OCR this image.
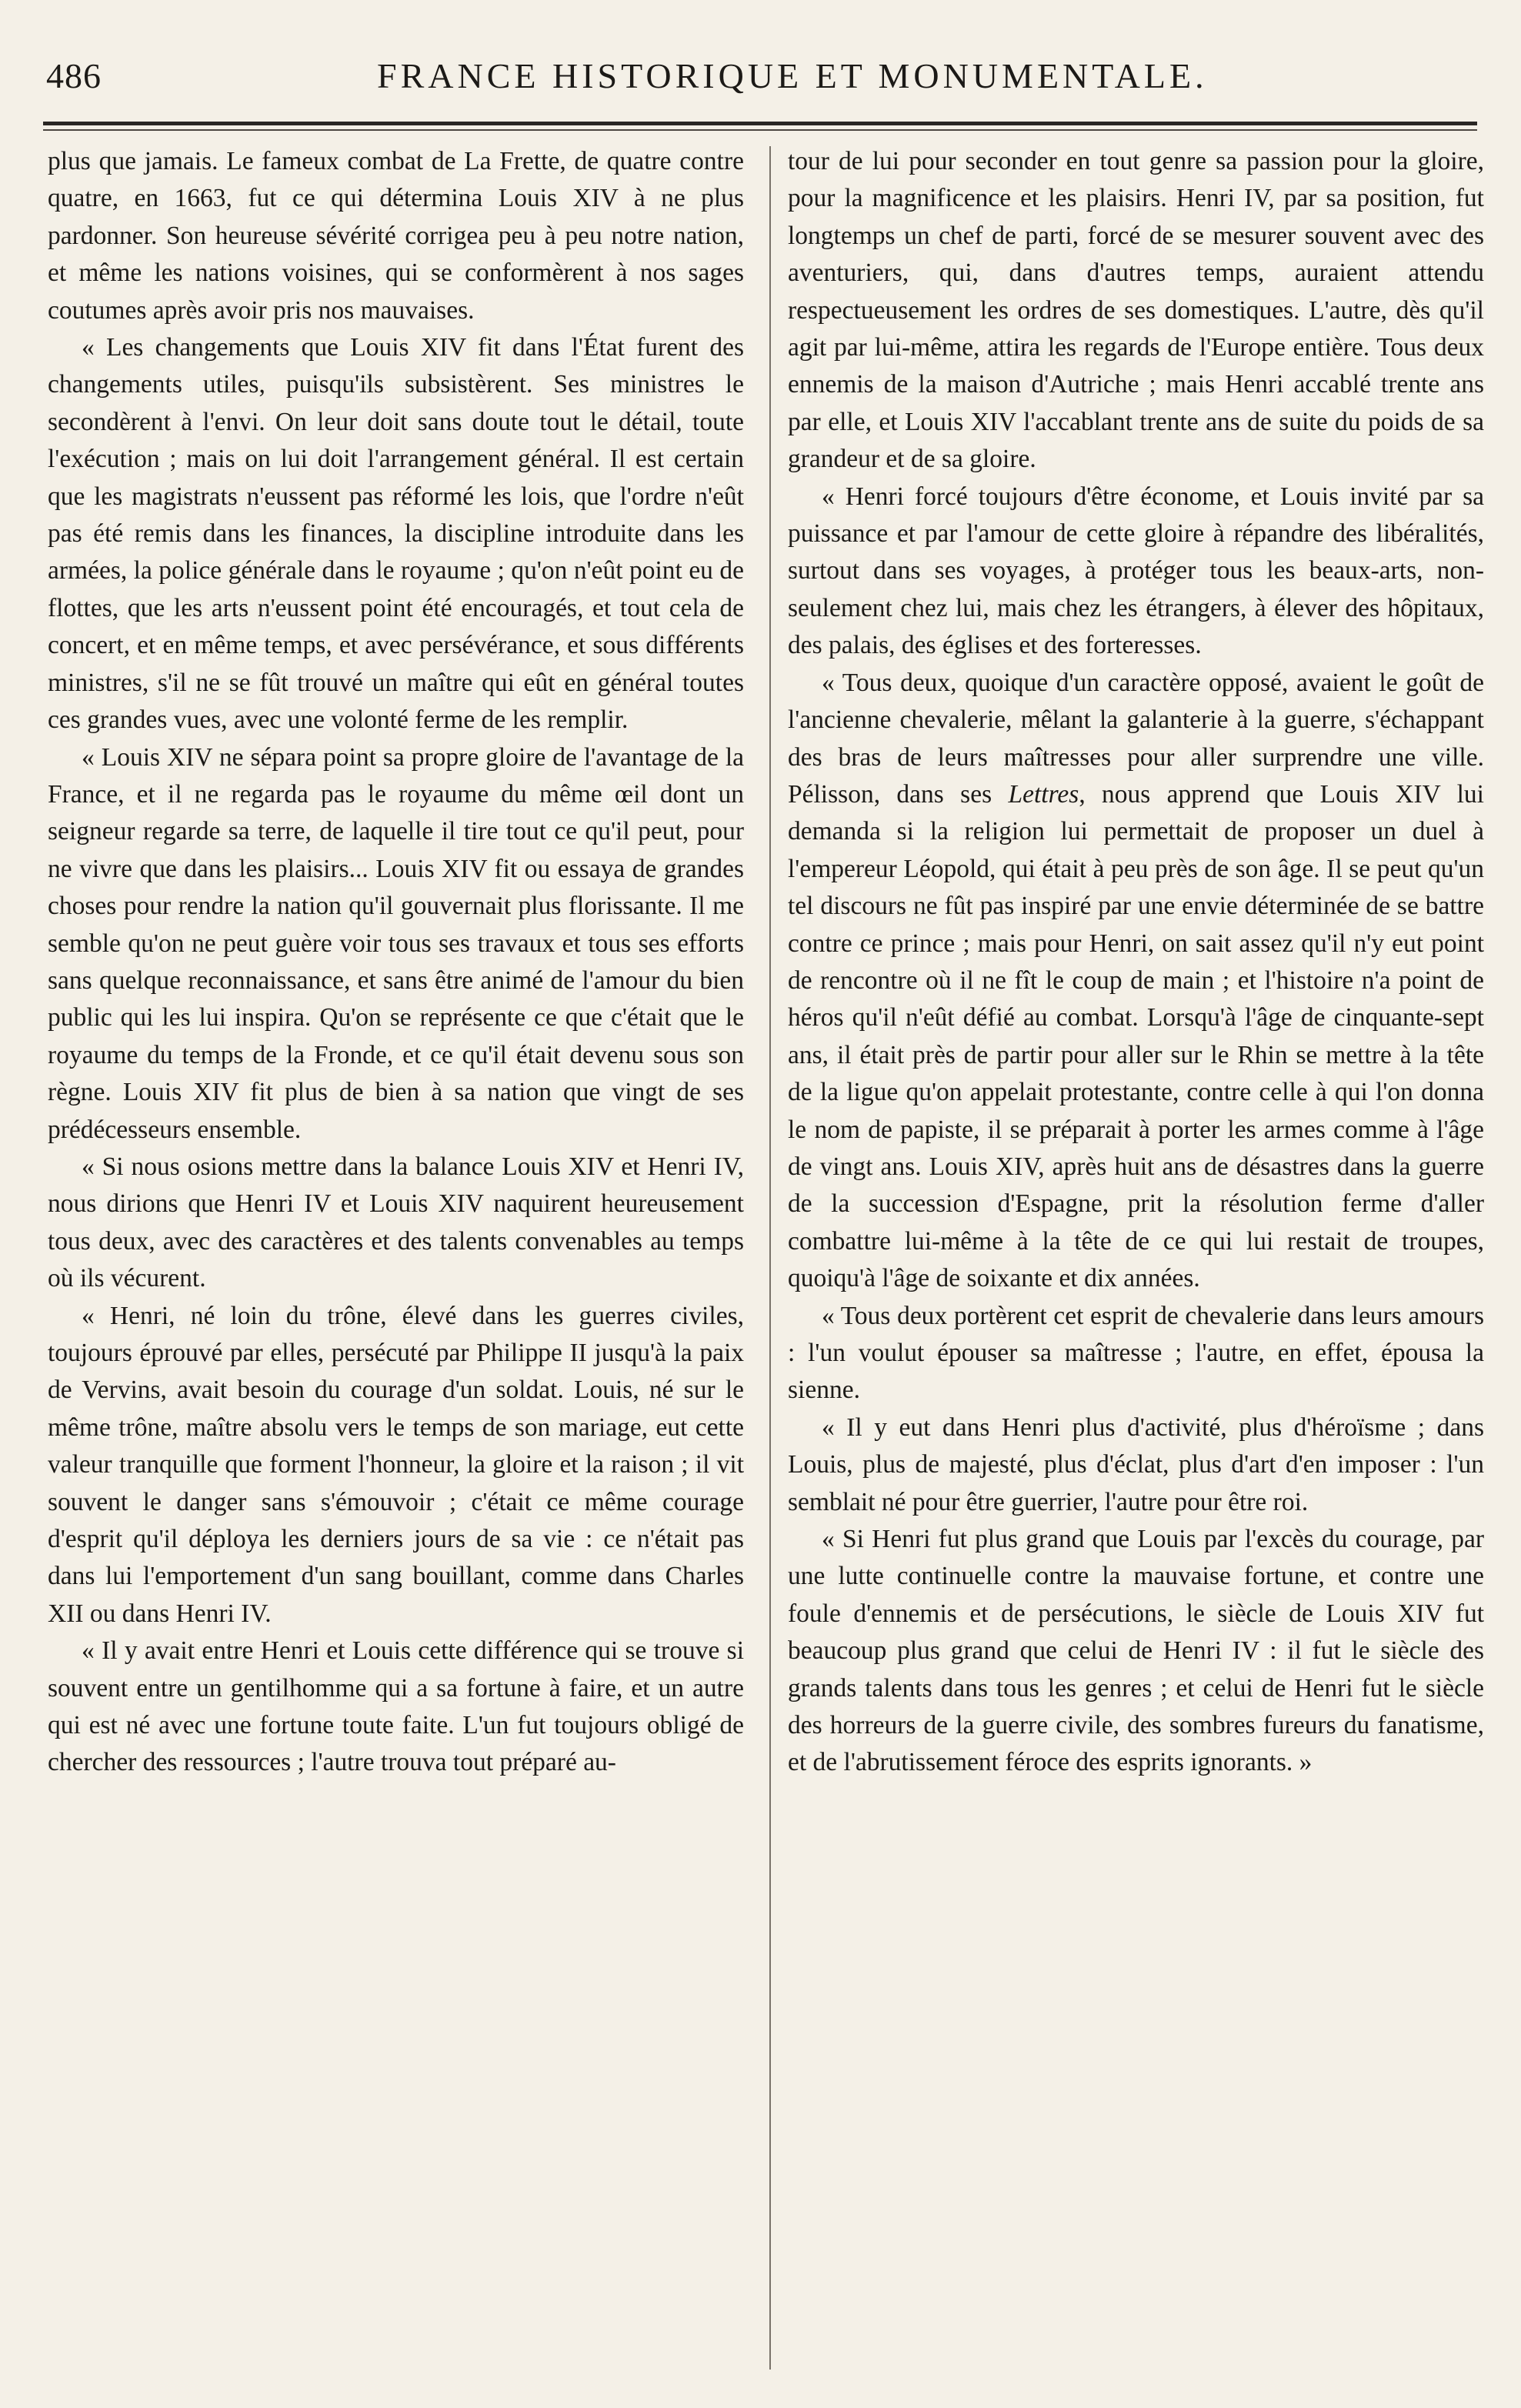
486	FRANCE HISTORIQUE ET MONUMENTALE.

plus que jamais. Le fameux combat de La Frette, de quatre contre quatre, en 1663, fut ce qui détermina Louis XIV à ne plus pardonner. Son heureuse sévérité corrigea peu à peu notre nation, et même les nations voisines, qui se conformèrent à nos sages coutumes après avoir pris nos mauvaises.

« Les changements que Louis XIV fit dans l'État furent des changements utiles, puisqu'ils subsistèrent. Ses ministres le secondèrent à l'envi. On leur doit sans doute tout le détail, toute l'exécution ; mais on lui doit l'arrangement général. Il est certain que les magistrats n'eussent pas réformé les lois, que l'ordre n'eût pas été remis dans les finances, la discipline introduite dans les armées, la police générale dans le royaume ; qu'on n'eût point eu de flottes, que les arts n'eussent point été encouragés, et tout cela de concert, et en même temps, et avec persévérance, et sous différents ministres, s'il ne se fût trouvé un maître qui eût en général toutes ces grandes vues, avec une volonté ferme de les remplir.

« Louis XIV ne sépara point sa propre gloire de l'avantage de la France, et il ne regarda pas le royaume du même œil dont un seigneur regarde sa terre, de laquelle il tire tout ce qu'il peut, pour ne vivre que dans les plaisirs... Louis XIV fit ou essaya de grandes choses pour rendre la nation qu'il gouvernait plus florissante. Il me semble qu'on ne peut guère voir tous ses travaux et tous ses efforts sans quelque reconnaissance, et sans être animé de l'amour du bien public qui les lui inspira. Qu'on se représente ce que c'était que le royaume du temps de la Fronde, et ce qu'il était devenu sous son règne. Louis XIV fit plus de bien à sa nation que vingt de ses prédécesseurs ensemble.

« Si nous osions mettre dans la balance Louis XIV et Henri IV, nous dirions que Henri IV et Louis XIV naquirent heureusement tous deux, avec des caractères et des talents convenables au temps où ils vécurent.

« Henri, né loin du trône, élevé dans les guerres civiles, toujours éprouvé par elles, persécuté par Philippe II jusqu'à la paix de Vervins, avait besoin du courage d'un soldat. Louis, né sur le même trône, maître absolu vers le temps de son mariage, eut cette valeur tranquille que forment l'honneur, la gloire et la raison ; il vit souvent le danger sans s'émouvoir ; c'était ce même courage d'esprit qu'il déploya les derniers jours de sa vie : ce n'était pas dans lui l'emportement d'un sang bouillant, comme dans Charles XII ou dans Henri IV.

« Il y avait entre Henri et Louis cette différence qui se trouve si souvent entre un gentilhomme qui a sa fortune à faire, et un autre qui est né avec une fortune toute faite. L'un fut toujours obligé de chercher des ressources ; l'autre trouva tout préparé au-

tour de lui pour seconder en tout genre sa passion pour la gloire, pour la magnificence et les plaisirs. Henri IV, par sa position, fut longtemps un chef de parti, forcé de se mesurer souvent avec des aventuriers, qui, dans d'autres temps, auraient attendu respectueusement les ordres de ses domestiques. L'autre, dès qu'il agit par lui-même, attira les regards de l'Europe entière. Tous deux ennemis de la maison d'Autriche ; mais Henri accablé trente ans par elle, et Louis XIV l'accablant trente ans de suite du poids de sa grandeur et de sa gloire.

« Henri forcé toujours d'être économe, et Louis invité par sa puissance et par l'amour de cette gloire à répandre des libéralités, surtout dans ses voyages, à protéger tous les beaux-arts, non-seulement chez lui, mais chez les étrangers, à élever des hôpitaux, des palais, des églises et des forteresses.

« Tous deux, quoique d'un caractère opposé, avaient le goût de l'ancienne chevalerie, mêlant la galanterie à la guerre, s'échappant des bras de leurs maîtresses pour aller surprendre une ville. Pélisson, dans ses Lettres, nous apprend que Louis XIV lui demanda si la religion lui permettait de proposer un duel à l'empereur Léopold, qui était à peu près de son âge. Il se peut qu'un tel discours ne fût pas inspiré par une envie déterminée de se battre contre ce prince ; mais pour Henri, on sait assez qu'il n'y eut point de rencontre où il ne fît le coup de main ; et l'histoire n'a point de héros qu'il n'eût défié au combat. Lorsqu'à l'âge de cinquante-sept ans, il était près de partir pour aller sur le Rhin se mettre à la tête de la ligue qu'on appelait protestante, contre celle à qui l'on donna le nom de papiste, il se préparait à porter les armes comme à l'âge de vingt ans. Louis XIV, après huit ans de désastres dans la guerre de la succession d'Espagne, prit la résolution ferme d'aller combattre lui-même à la tête de ce qui lui restait de troupes, quoiqu'à l'âge de soixante et dix années.

« Tous deux portèrent cet esprit de chevalerie dans leurs amours : l'un voulut épouser sa maîtresse ; l'autre, en effet, épousa la sienne.

« Il y eut dans Henri plus d'activité, plus d'héroïsme ; dans Louis, plus de majesté, plus d'éclat, plus d'art d'en imposer : l'un semblait né pour être guerrier, l'autre pour être roi.

« Si Henri fut plus grand que Louis par l'excès du courage, par une lutte continuelle contre la mauvaise fortune, et contre une foule d'ennemis et de persécutions, le siècle de Louis XIV fut beaucoup plus grand que celui de Henri IV : il fut le siècle des grands talents dans tous les genres ; et celui de Henri fut le siècle des horreurs de la guerre civile, des sombres fureurs du fanatisme, et de l'abrutissement féroce des esprits ignorants. »
